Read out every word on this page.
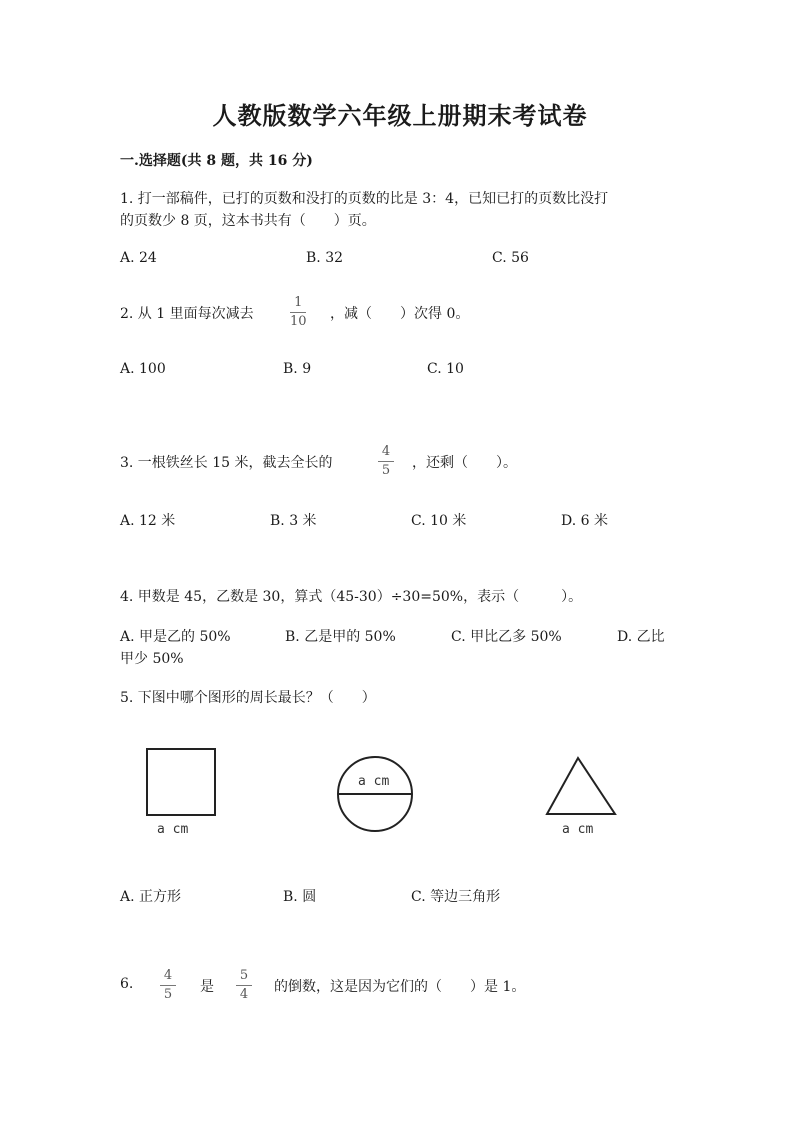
人教版数学六年级上册期末考试卷
一.选择题(共 8 题，共 16 分)
1. 打一部稿件，已打的页数和没打的页数的比是 3：4，已知已打的页数比没打
的页数少 8 页，这本书共有（　　）页。
A. 24	B. 32	C. 56
2. 从 1 里面每次减去
1
10 ，减（　　）次得 0。
A. 100	B. 9	C. 10
3. 一根铁丝长 15 米，截去全长的
4
5 ，还剩（　　）。
A. 12 米	B. 3 米	C. 10 米	D. 6 米
4. 甲数是 45，乙数是 30，算式（45-30）÷30=50%，表示（　　　）。
A. 甲是乙的 50%	B. 乙是甲的 50%	C. 甲比乙多 50%	D. 乙比
甲少 50%
5. 下图中哪个图形的周长最长？（　　）
a cm
a cm
a cm
A. 正方形	B. 圆	C. 等边三角形
6.
4
5 是
5
4 的倒数，这是因为它们的（　　）是 1。
